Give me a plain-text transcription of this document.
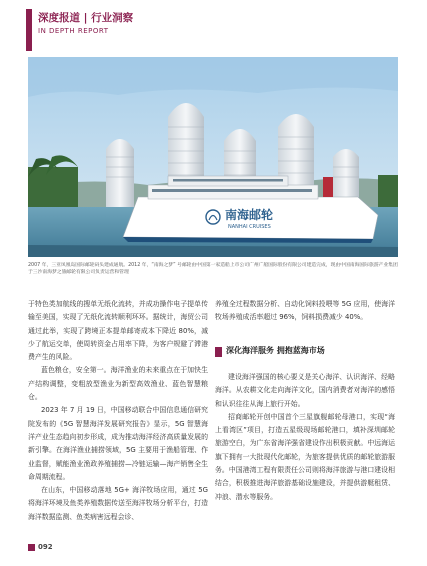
深度报道 | 行业洞察
IN DEPTH REPORT
南海邮轮
NANHAI CRUISES
2007 年，三亚凤凰岛国际邮轮码头建成通航。2012 年，“南海之梦” 号邮轮由中国第一家造船上市公司广州广船国际股份有限公司建造完成，现由中国南海国际旅游产业集团于三沙南海梦之旅邮轮有限公司负责运营和管理

于特色类加航线的搜单无纸化流转，并成功操作电子提单传输至美国，实现了无纸化流转顺利环环。据统计，海贸公司通过此举，实现了跨境正本提单邮寄成本下降近 80%，减少了航运交单，使周转资金占用率下降，为客户规避了滞港费产生的风险。

蓝色粮仓，安全第一。海洋渔业的未来重点在于加快生产结构调整，变粗放型渔业为新型高效渔业、蓝色智慧粮仓。

2023 年 7 月 19 日，中国移动联合中国信息通信研究院发布的《5G 智慧海洋发展研究报告》显示，5G 智慧海洋产业生态趋向初步形成，成为推动海洋经济高质量发展的新引擎。在海洋渔业捕捞领域，5G 主要用于渔船管理、作业监督，赋能渔业渔政养殖捕捞—冷链运输—海产销售全生命周期流程。

在山东，中国移动落地 5G+ 海洋牧场应用，通过 5G 将海洋环境及鱼类养殖数据传送至海洋牧场分析平台，打造海洋数据监测、鱼类病害远程会诊、

养殖全过程数据分析、自动化饲料投喂等 5G 应用，使海洋牧场养殖成活率超过 96%，饲料损费减少 40%。

深化海洋服务 拥抱蓝海市场

建设海洋强国的核心要义是关心海洋、认识海洋、经略海洋。从农耕文化走向海洋文化，国内消费者对海洋的感悟和认识往往从海上旅行开始。

招商邮轮开创中国首个三星旗舰邮轮母港口，实现“海上看湾区”项目，打造五星级现场邮轮港口，填补深圳邮轮旅游空白，为广东省海洋强省建设作出积极贡献。中远海运旗下拥有一大批现代化邮轮，为旅客提供优质的邮轮旅游服务。中国港湾工程有限责任公司则将海洋旅游与港口建设相结合，积极推进海洋旅游基础设施建设，并提供游艇租赁、冲浪、潜水等服务。

092
